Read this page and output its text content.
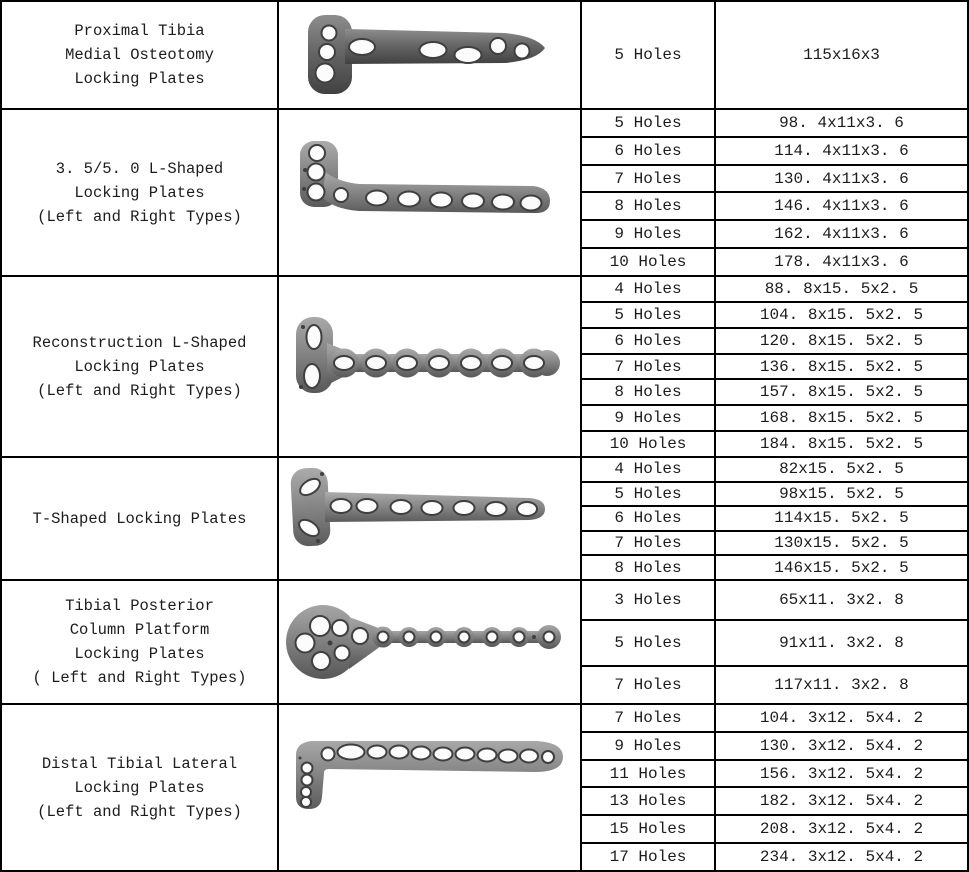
Proximal Tibia
Medial Osteotomy
Locking Plates
5 Holes	115x16x3
3. 5/5. 0 L-Shaped
Locking Plates
(Left and Right Types)
5 Holes	98. 4x11x3. 6
6 Holes	114. 4x11x3. 6
7 Holes	130. 4x11x3. 6
8 Holes	146. 4x11x3. 6
9 Holes	162. 4x11x3. 6
10 Holes	178. 4x11x3. 6
Reconstruction L-Shaped
Locking Plates
(Left and Right Types)
4 Holes	88. 8x15. 5x2. 5
5 Holes	104. 8x15. 5x2. 5
6 Holes	120. 8x15. 5x2. 5
7 Holes	136. 8x15. 5x2. 5
8 Holes	157. 8x15. 5x2. 5
9 Holes	168. 8x15. 5x2. 5
10 Holes	184. 8x15. 5x2. 5
T-Shaped Locking Plates
4 Holes	82x15. 5x2. 5
5 Holes	98x15. 5x2. 5
6 Holes	114x15. 5x2. 5
7 Holes	130x15. 5x2. 5
8 Holes	146x15. 5x2. 5
Tibial Posterior
Column Platform
Locking Plates
( Left and Right Types)
3 Holes	65x11. 3x2. 8
5 Holes	91x11. 3x2. 8
7 Holes	117x11. 3x2. 8
Distal Tibial Lateral
Locking Plates
(Left and Right Types)
7 Holes	104. 3x12. 5x4. 2
9 Holes	130. 3x12. 5x4. 2
11 Holes	156. 3x12. 5x4. 2
13 Holes	182. 3x12. 5x4. 2
15 Holes	208. 3x12. 5x4. 2
17 Holes	234. 3x12. 5x4. 2
